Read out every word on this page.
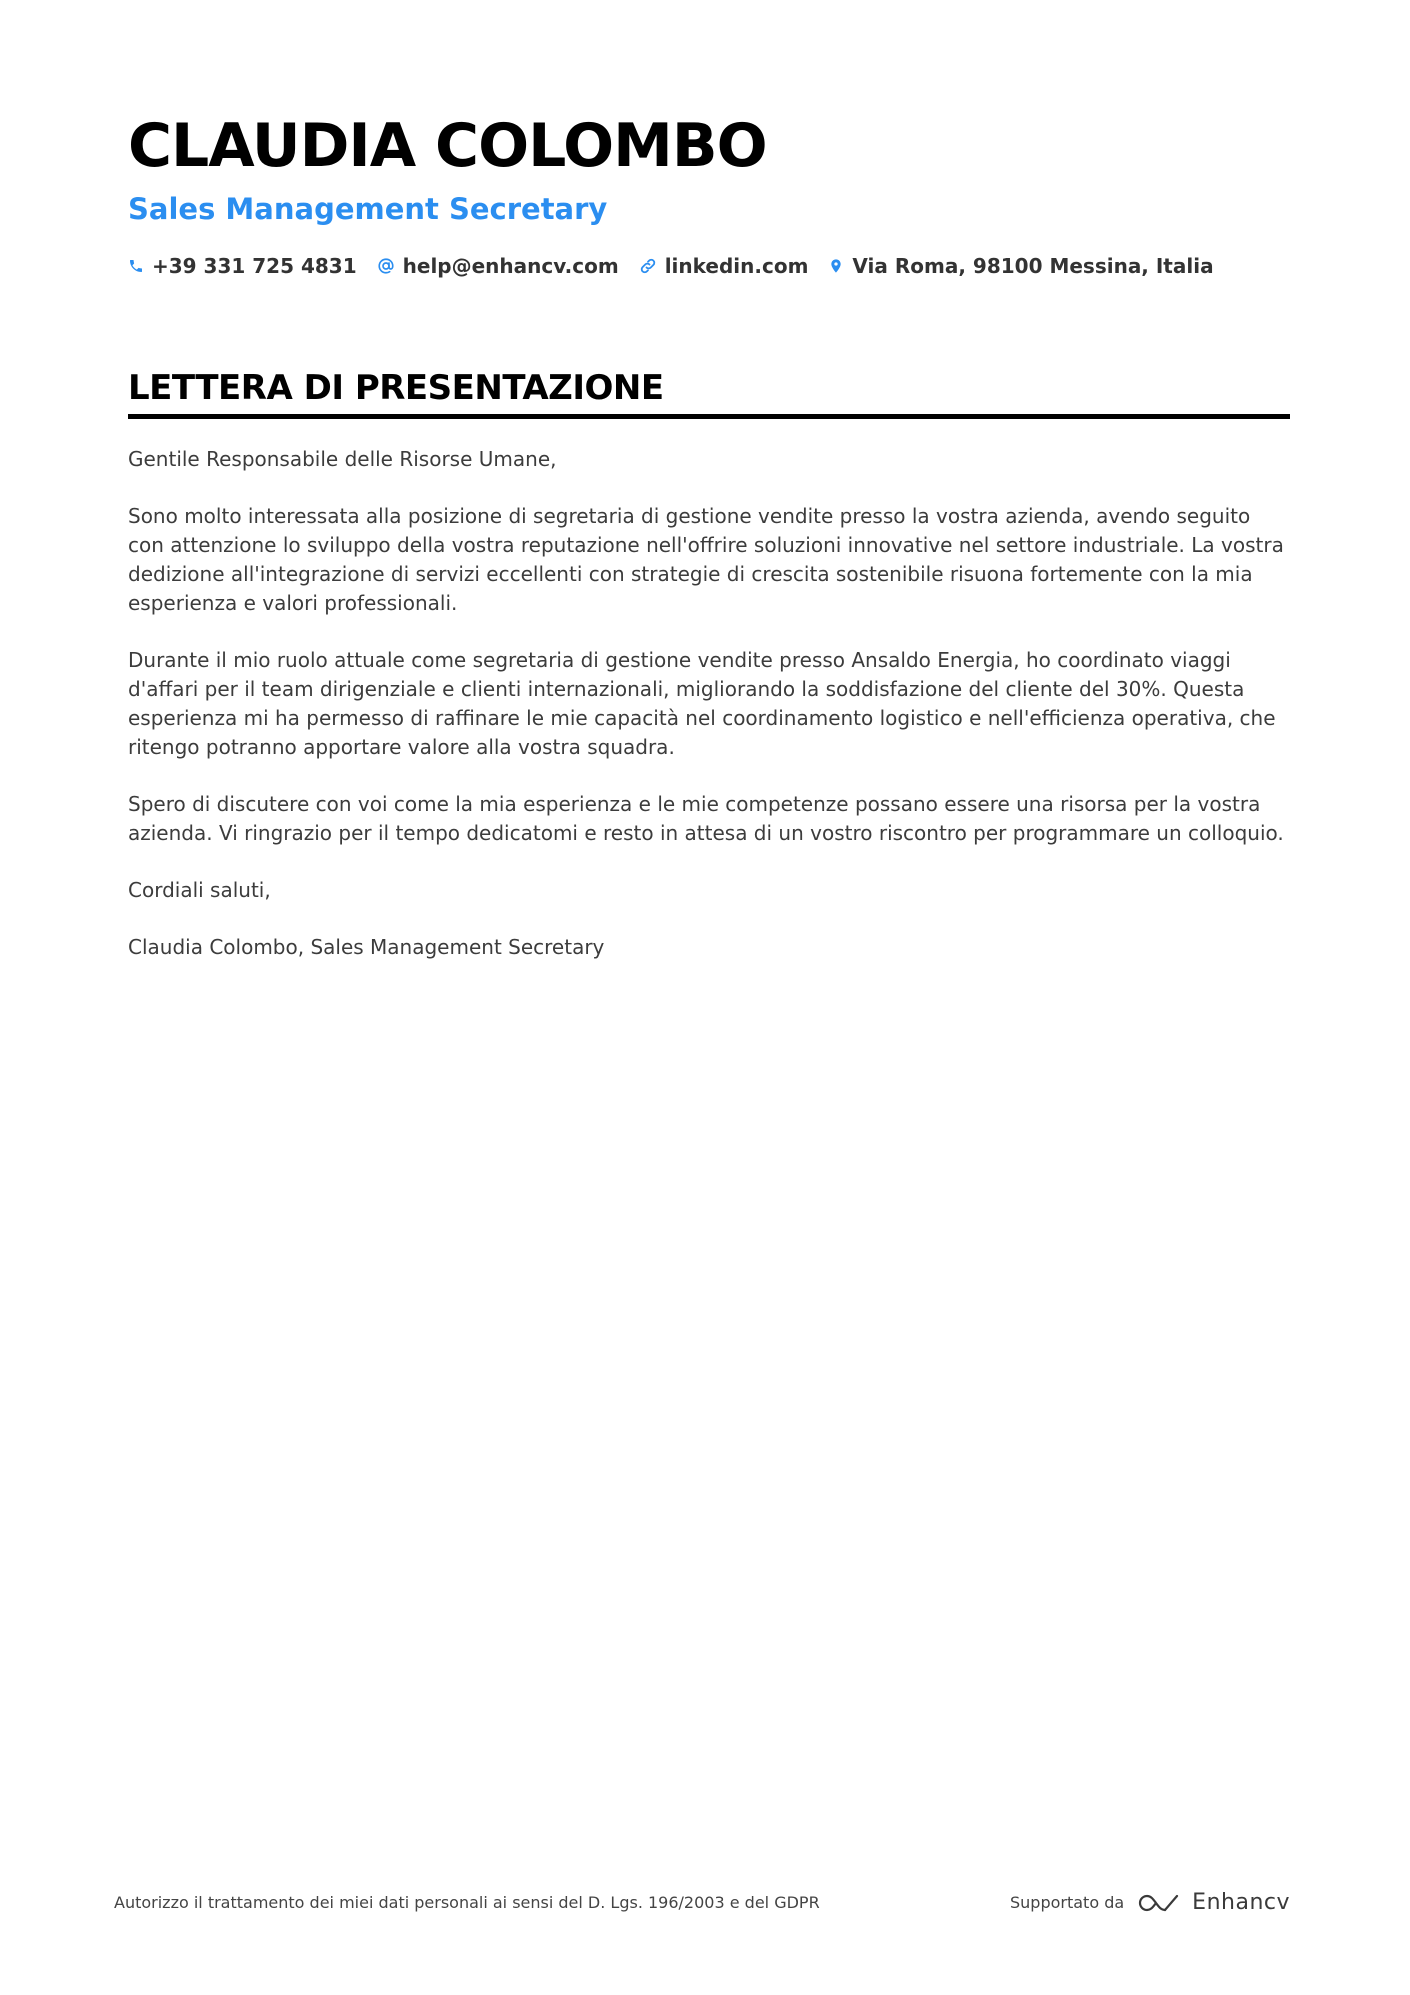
CLAUDIA COLOMBO
Sales Management Secretary
+39 331 725 4831 help@enhancv.com linkedin.com Via Roma, 98100 Messina, Italia
LETTERA DI PRESENTAZIONE

Gentile Responsabile delle Risorse Umane,

Sono molto interessata alla posizione di segretaria di gestione vendite presso la vostra azienda, avendo seguito con attenzione lo sviluppo della vostra reputazione nell'offrire soluzioni innovative nel settore industriale. La vostra dedizione all'integrazione di servizi eccellenti con strategie di crescita sostenibile risuona fortemente con la mia esperienza e valori professionali.

Durante il mio ruolo attuale come segretaria di gestione vendite presso Ansaldo Energia, ho coordinato viaggi d'affari per il team dirigenziale e clienti internazionali, migliorando la soddisfazione del cliente del 30%. Questa esperienza mi ha permesso di raffinare le mie capacità nel coordinamento logistico e nell'efficienza operativa, che ritengo potranno apportare valore alla vostra squadra.

Spero di discutere con voi come la mia esperienza e le mie competenze possano essere una risorsa per la vostra azienda. Vi ringrazio per il tempo dedicatomi e resto in attesa di un vostro riscontro per programmare un colloquio.

Cordiali saluti,

Claudia Colombo, Sales Management Secretary

Autorizzo il trattamento dei miei dati personali ai sensi del D. Lgs. 196/2003 e del GDPR	Supportato da	Enhancv
